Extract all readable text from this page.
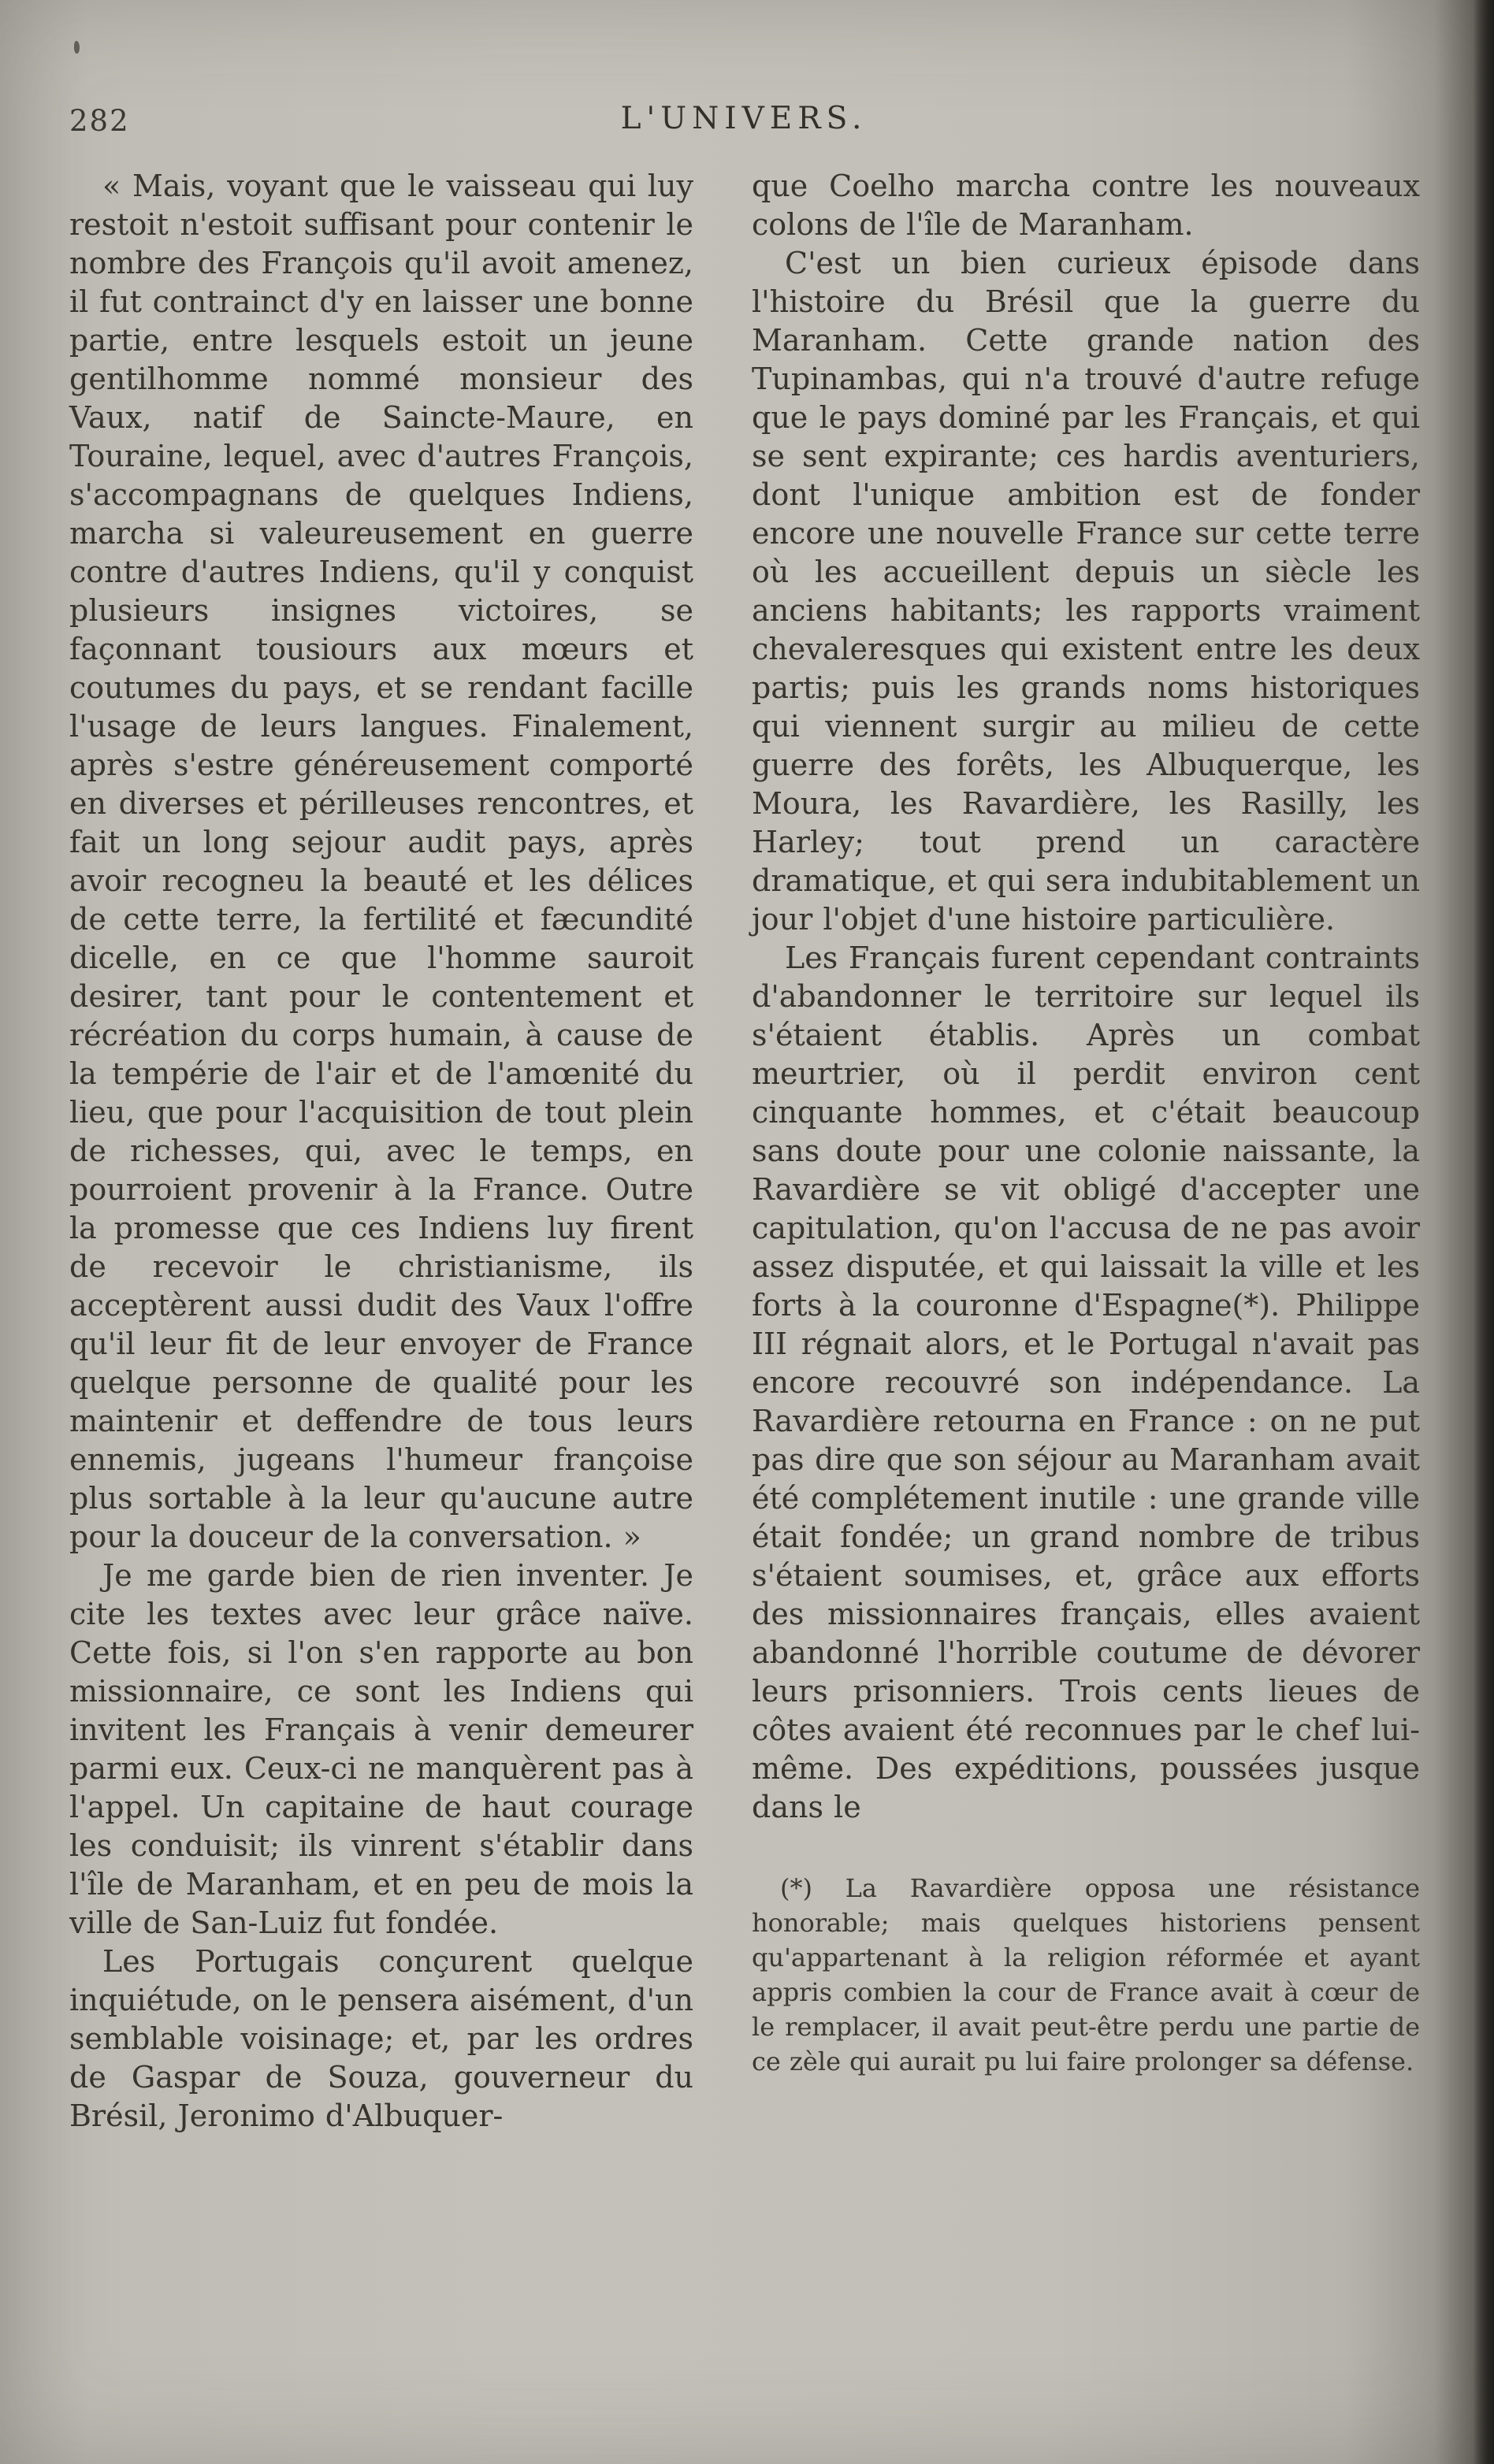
282	L'UNIVERS.

« Mais, voyant que le vaisseau qui luy restoit n'estoit suffisant pour contenir le nombre des François qu'il avoit amenez, il fut contrainct d'y en laisser une bonne partie, entre lesquels estoit un jeune gentilhomme nommé monsieur des Vaux, natif de Saincte-Maure, en Touraine, lequel, avec d'autres François, s'accompagnans de quelques Indiens, marcha si valeureusement en guerre contre d'autres Indiens, qu'il y conquist plusieurs insignes victoires, se façonnant tousiours aux mœurs et coutumes du pays, et se rendant facille l'usage de leurs langues. Finalement, après s'estre généreusement comporté en diverses et périlleuses rencontres, et fait un long sejour audit pays, après avoir recogneu la beauté et les délices de cette terre, la fertilité et fæcundité dicelle, en ce que l'homme sauroit desirer, tant pour le contentement et récréation du corps humain, à cause de la tempérie de l'air et de l'amœnité du lieu, que pour l'acquisition de tout plein de richesses, qui, avec le temps, en pourroient provenir à la France. Outre la promesse que ces Indiens luy firent de recevoir le christianisme, ils acceptèrent aussi dudit des Vaux l'offre qu'il leur fit de leur envoyer de France quelque personne de qualité pour les maintenir et deffendre de tous leurs ennemis, jugeans l'humeur françoise plus sortable à la leur qu'aucune autre pour la douceur de la conversation. »

Je me garde bien de rien inventer. Je cite les textes avec leur grâce naïve. Cette fois, si l'on s'en rapporte au bon missionnaire, ce sont les Indiens qui invitent les Français à venir demeurer parmi eux. Ceux-ci ne manquèrent pas à l'appel. Un capitaine de haut courage les conduisit; ils vinrent s'établir dans l'île de Maranham, et en peu de mois la ville de San-Luiz fut fondée.

Les Portugais conçurent quelque inquiétude, on le pensera aisément, d'un semblable voisinage; et, par les ordres de Gaspar de Souza, gouverneur du Brésil, Jeronimo d'Albuquer-

que Coelho marcha contre les nouveaux colons de l'île de Maranham.

C'est un bien curieux épisode dans l'histoire du Brésil que la guerre du Maranham. Cette grande nation des Tupinambas, qui n'a trouvé d'autre refuge que le pays dominé par les Français, et qui se sent expirante; ces hardis aventuriers, dont l'unique ambition est de fonder encore une nouvelle France sur cette terre où les accueillent depuis un siècle les anciens habitants; les rapports vraiment chevaleresques qui existent entre les deux partis; puis les grands noms historiques qui viennent surgir au milieu de cette guerre des forêts, les Albuquerque, les Moura, les Ravardière, les Rasilly, les Harley; tout prend un caractère dramatique, et qui sera indubitablement un jour l'objet d'une histoire particulière.

Les Français furent cependant contraints d'abandonner le territoire sur lequel ils s'étaient établis. Après un combat meurtrier, où il perdit environ cent cinquante hommes, et c'était beaucoup sans doute pour une colonie naissante, la Ravardière se vit obligé d'accepter une capitulation, qu'on l'accusa de ne pas avoir assez disputée, et qui laissait la ville et les forts à la couronne d'Espagne(*). Philippe III régnait alors, et le Portugal n'avait pas encore recouvré son indépendance. La Ravardière retourna en France : on ne put pas dire que son séjour au Maranham avait été complétement inutile : une grande ville était fondée; un grand nombre de tribus s'étaient soumises, et, grâce aux efforts des missionnaires français, elles avaient abandonné l'horrible coutume de dévorer leurs prisonniers. Trois cents lieues de côtes avaient été reconnues par le chef lui-même. Des expéditions, poussées jusque dans le

(*) La Ravardière opposa une résistance honorable; mais quelques historiens pensent qu'appartenant à la religion réformée et ayant appris combien la cour de France avait à cœur de le remplacer, il avait peut-être perdu une partie de ce zèle qui aurait pu lui faire prolonger sa défense.
